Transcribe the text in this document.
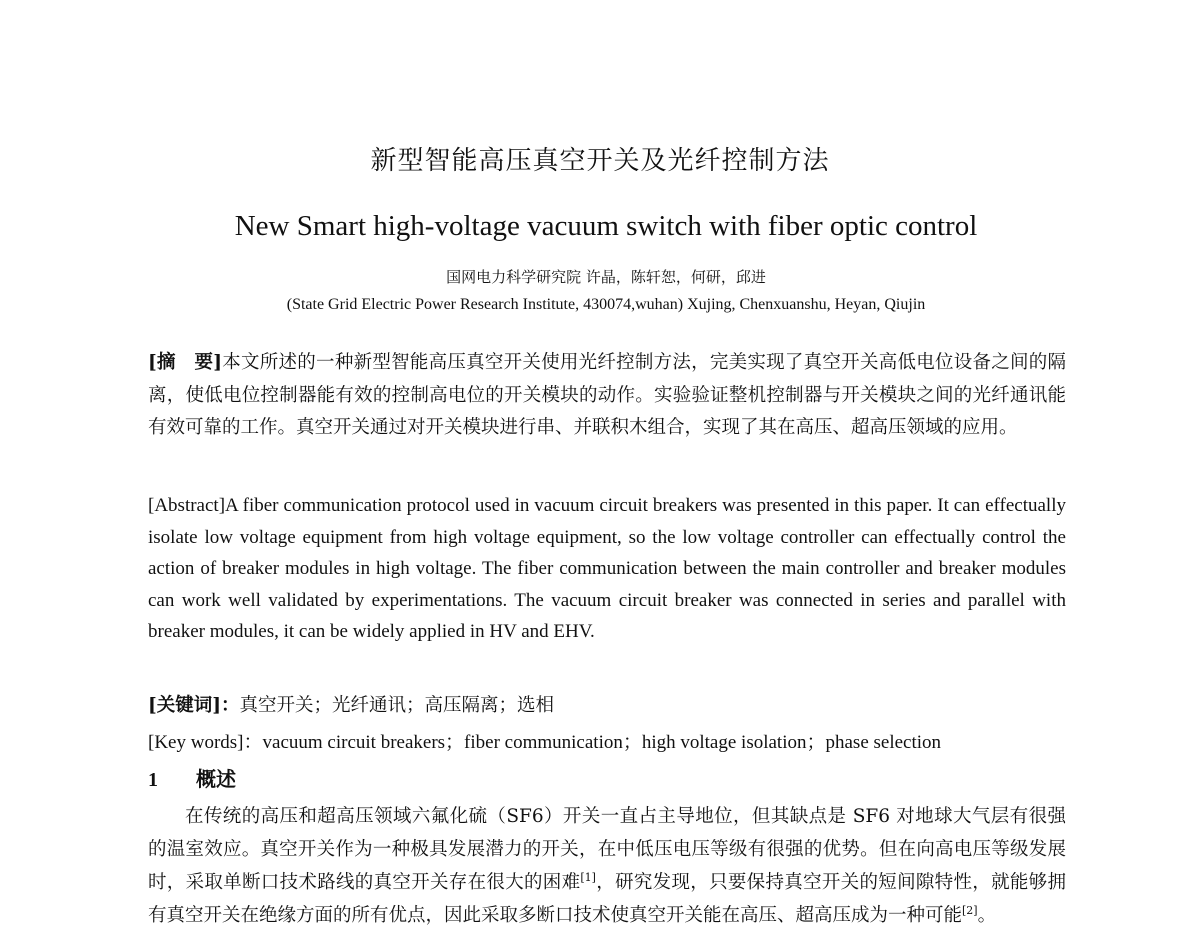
新型智能高压真空开关及光纤控制方法
New Smart high-voltage vacuum switch with fiber optic control
国网电力科学研究院 许晶，陈轩恕，何研，邱进
(State Grid Electric Power Research Institute, 430074,wuhan) Xujing, Chenxuanshu, Heyan, Qiujin
[摘　要]本文所述的一种新型智能高压真空开关使用光纤控制方法，完美实现了真空开关高低电位设备之间的隔离，使低电位控制器能有效的控制高电位的开关模块的动作。实验验证整机控制器与开关模块之间的光纤通讯能有效可靠的工作。真空开关通过对开关模块进行串、并联积木组合，实现了其在高压、超高压领域的应用。
[Abstract]A fiber communication protocol used in vacuum circuit breakers was presented in this paper. It can effectually isolate low voltage equipment from high voltage equipment, so the low voltage controller can effectually control the action of breaker modules in high voltage. The fiber communication between the main controller and breaker modules can work well validated by experimentations. The vacuum circuit breaker was connected in series and parallel with breaker modules, it can be widely applied in HV and EHV.
[关键词]：真空开关；光纤通讯；高压隔离；选相
[Key words]：vacuum circuit breakers；fiber communication；high voltage isolation；phase selection
1 概述
在传统的高压和超高压领域六氟化硫（SF6）开关一直占主导地位，但其缺点是 SF6 对地球大气层有很强的温室效应。真空开关作为一种极具发展潜力的开关，在中低压电压等级有很强的优势。但在向高电压等级发展时，采取单断口技术路线的真空开关存在很大的困难[1]，研究发现，只要保持真空开关的短间隙特性，就能够拥有真空开关在绝缘方面的所有优点，因此采取多断口技术使真空开关能在高压、超高压成为一种可能[2]。
